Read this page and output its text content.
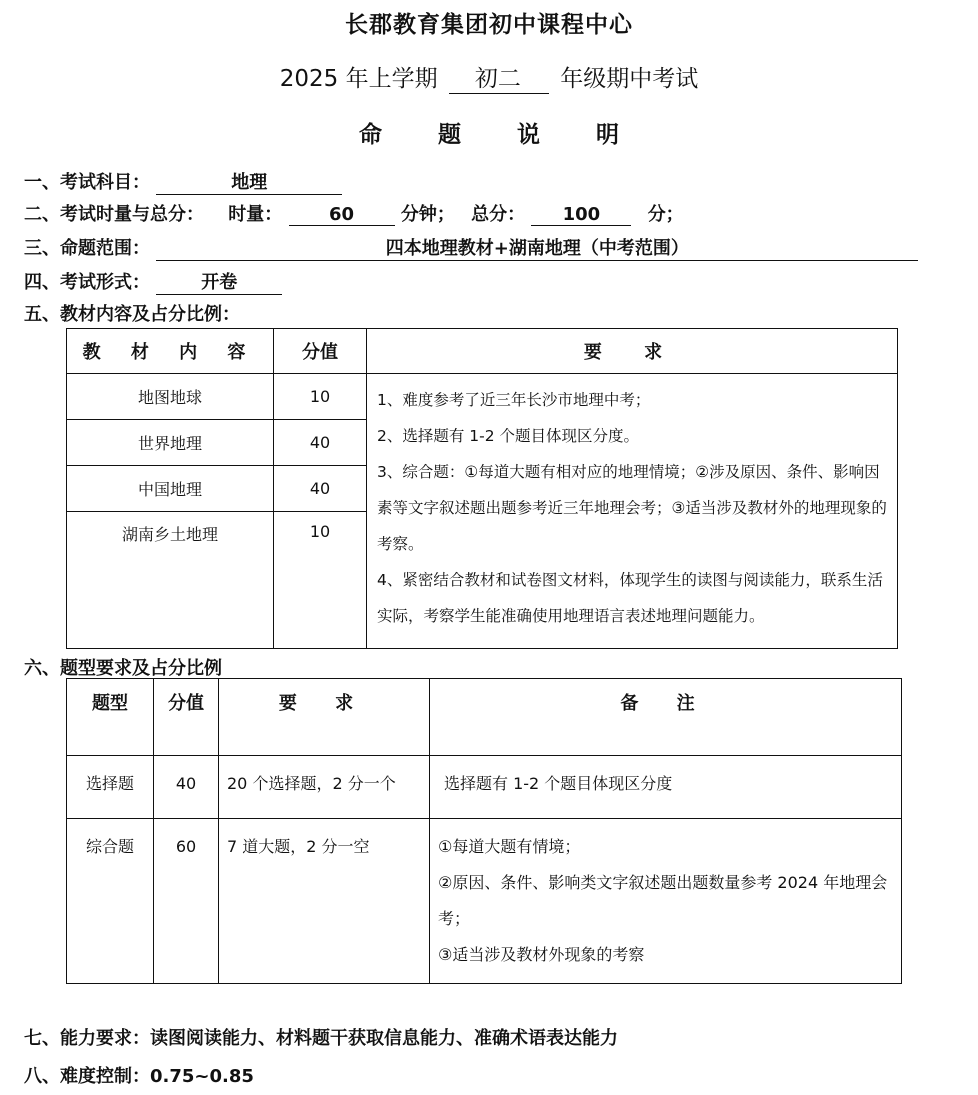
长郡教育集团初中课程中心
2025 年上学期 初二 年级期中考试
命 题 说 明
一、考试科目：	地理
二、考试时量与总分： 时量：	60	分钟； 总分： 100	分；
三、命题范围：	四本地理教材+湖南地理（中考范围）
四、考试形式：	开卷
五、教材内容及占分比例：
教 材 内 容	分值	要 求
地图地球	10	1、难度参考了近三年长沙市地理中考；
2、选择题有 1-2 个题目体现区分度。
3、综合题：①每道大题有相对应的地理情境；②涉及原因、条件、影响因素等文字叙述题出题参考近三年地理会考；③适当涉及教材外的地理现象的考察。
4、紧密结合教材和试卷图文材料，体现学生的读图与阅读能力，联系生活实际，考察学生能准确使用地理语言表述地理问题能力。

世界地理	40	
中国地理	40	
湖南乡土地理	10	
六、题型要求及占分比例
题型	分值	要 求	备 注
选择题	40	20 个选择题，2 分一个	选择题有 1-2 个题目体现区分度
综合题	60	7 道大题，2 分一空	①每道大题有情境；
②原因、条件、影响类文字叙述题出题数量参考 2024 年地理会考；
③适当涉及教材外现象的考察
七、能力要求：读图阅读能力、材料题干获取信息能力、准确术语表达能力
八、难度控制：0.75~0.85
